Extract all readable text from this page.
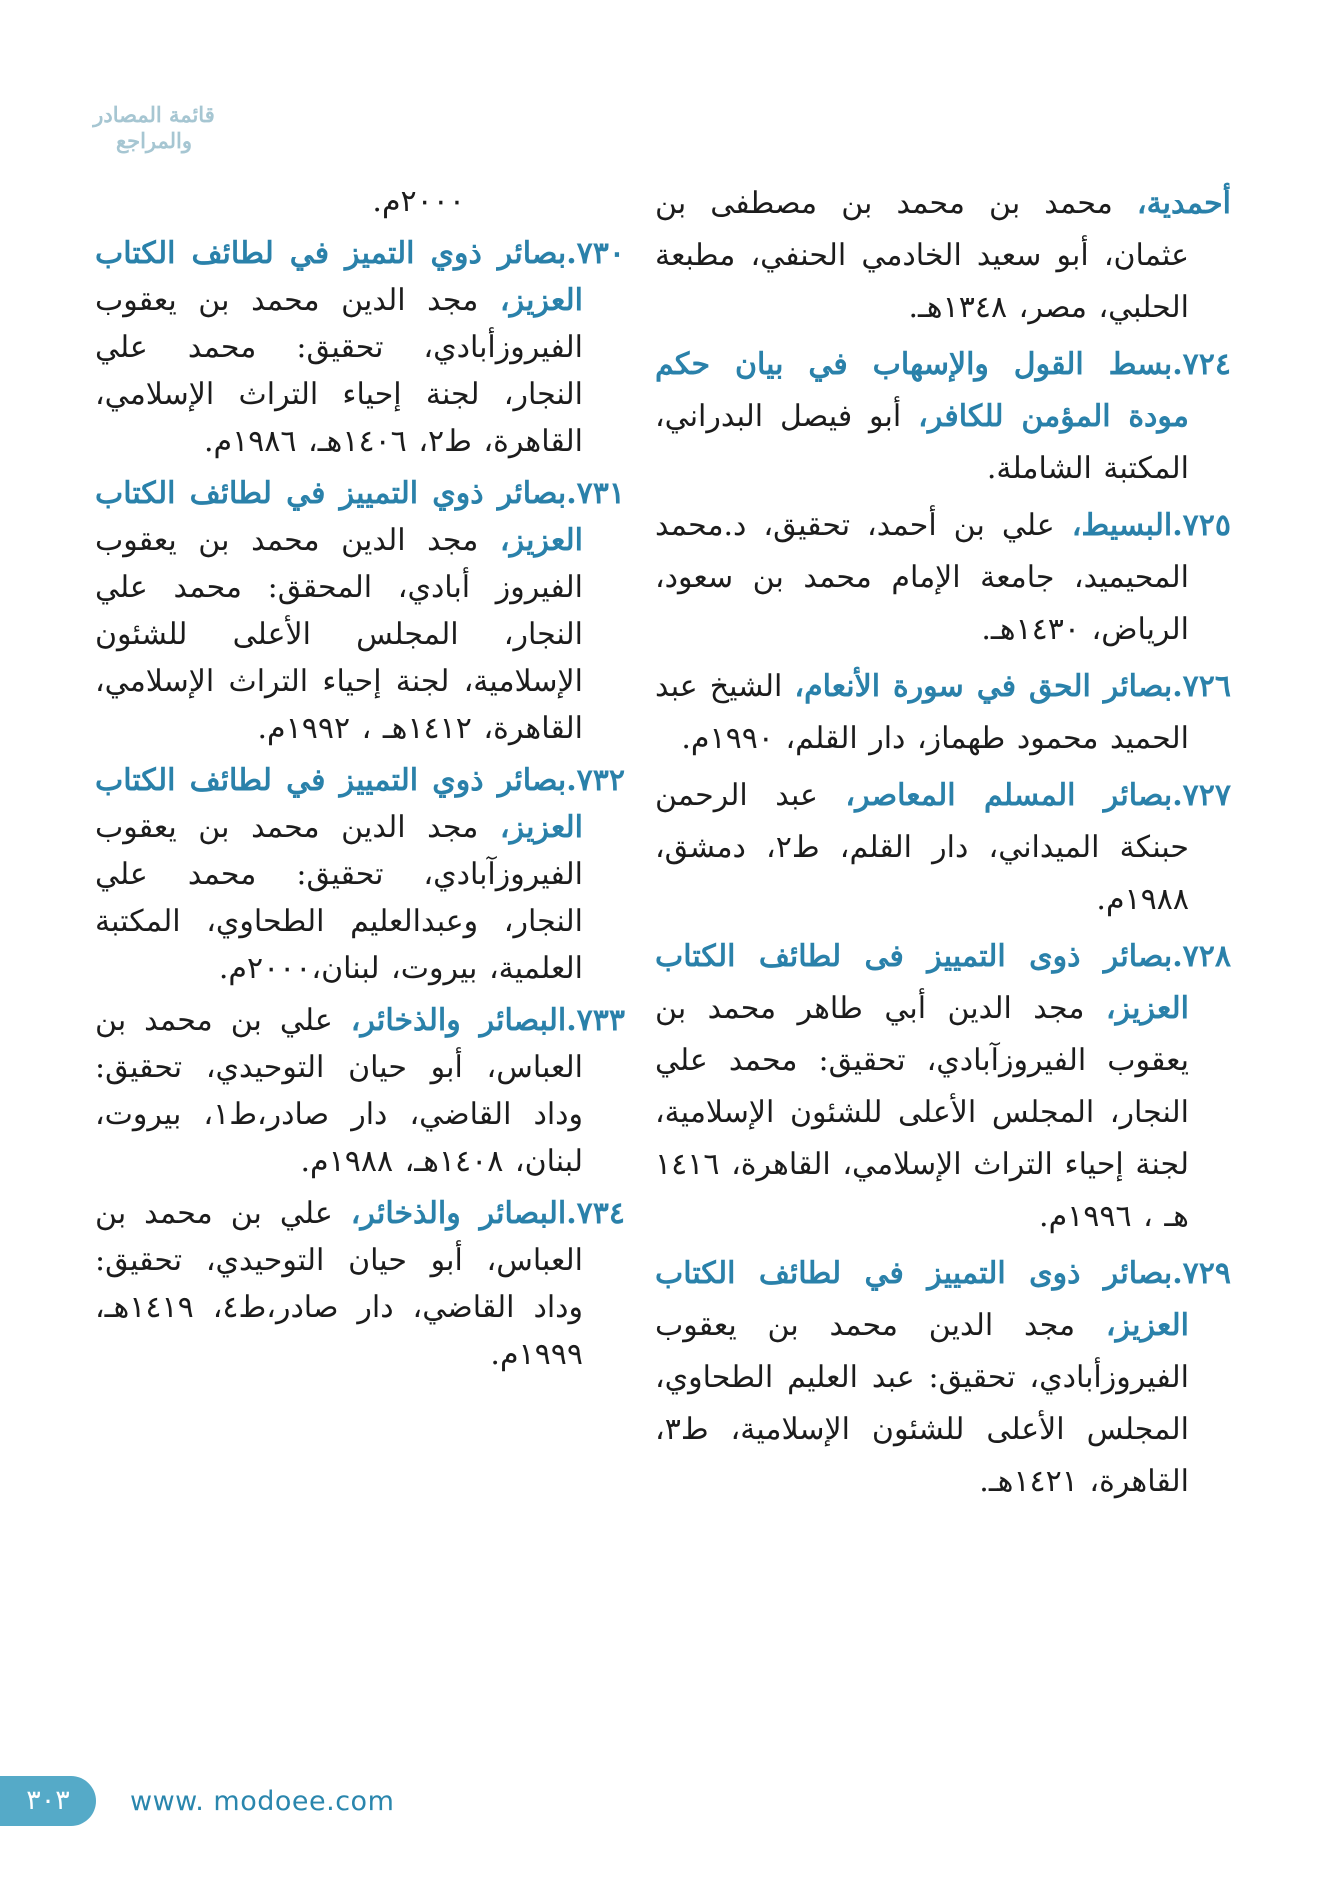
قائمة المصادر والمراجع

أحمدية، محمد بن محمد بن مصطفى بن عثمان، أبو سعيد الخادمي الحنفي، مطبعة الحلبي، مصر، ١٣٤٨هـ.

٧٢٤.بسط القول والإسهاب في بيان حكم مودة المؤمن للكافر، أبو فيصل البدراني، المكتبة الشاملة.

٧٢٥.البسيط، علي بن أحمد، تحقيق، د.محمد المحيميد، جامعة الإمام محمد بن سعود، الرياض، ١٤٣٠هـ.

٧٢٦.بصائر الحق في سورة الأنعام، الشيخ عبد الحميد محمود طهماز، دار القلم، ١٩٩٠م.

٧٢٧.بصائر المسلم المعاصر، عبد الرحمن حبنكة الميداني، دار القلم، ط٢، دمشق، ١٩٨٨م.

٧٢٨.بصائر ذوى التمييز فى لطائف الكتاب العزيز، مجد الدين أبي طاهر محمد بن يعقوب الفيروزآبادي، تحقيق: محمد علي النجار، المجلس الأعلى للشئون الإسلامية، لجنة إحياء التراث الإسلامي، القاهرة، ١٤١٦ هـ ، ١٩٩٦م.

٧٢٩.بصائر ذوى التمييز في لطائف الكتاب العزيز، مجد الدين محمد بن يعقوب الفيروزأبادي، تحقيق: عبد العليم الطحاوي، المجلس الأعلى للشئون الإسلامية، ط٣، القاهرة، ١٤٢١هـ.

٢٠٠٠م.

٧٣٠.بصائر ذوي التميز في لطائف الكتاب العزيز، مجد الدين محمد بن يعقوب الفيروزأبادي، تحقيق: محمد علي النجار، لجنة إحياء التراث الإسلامي، القاهرة، ط٢، ١٤٠٦هـ، ١٩٨٦م.

٧٣١.بصائر ذوي التمييز في لطائف الكتاب العزيز، مجد الدين محمد بن يعقوب الفيروز أبادي، المحقق: محمد علي النجار، المجلس الأعلى للشئون الإسلامية، لجنة إحياء التراث الإسلامي، القاهرة، ١٤١٢هـ ، ١٩٩٢م.

٧٣٢.بصائر ذوي التمييز في لطائف الكتاب العزيز، مجد الدين محمد بن يعقوب الفيروزآبادي، تحقيق: محمد علي النجار، وعبدالعليم الطحاوي، المكتبة العلمية، بيروت، لبنان،٢٠٠٠م.

٧٣٣.البصائر والذخائر، علي بن محمد بن العباس، أبو حيان التوحيدي، تحقيق: وداد القاضي، دار صادر،ط١، بيروت، لبنان، ١٤٠٨هـ، ١٩٨٨م.

٧٣٤.البصائر والذخائر، علي بن محمد بن العباس، أبو حيان التوحيدي، تحقيق: وداد القاضي، دار صادر،ط٤، ١٤١٩هـ، ١٩٩٩م.

٣٠٣	www. modoee.com
